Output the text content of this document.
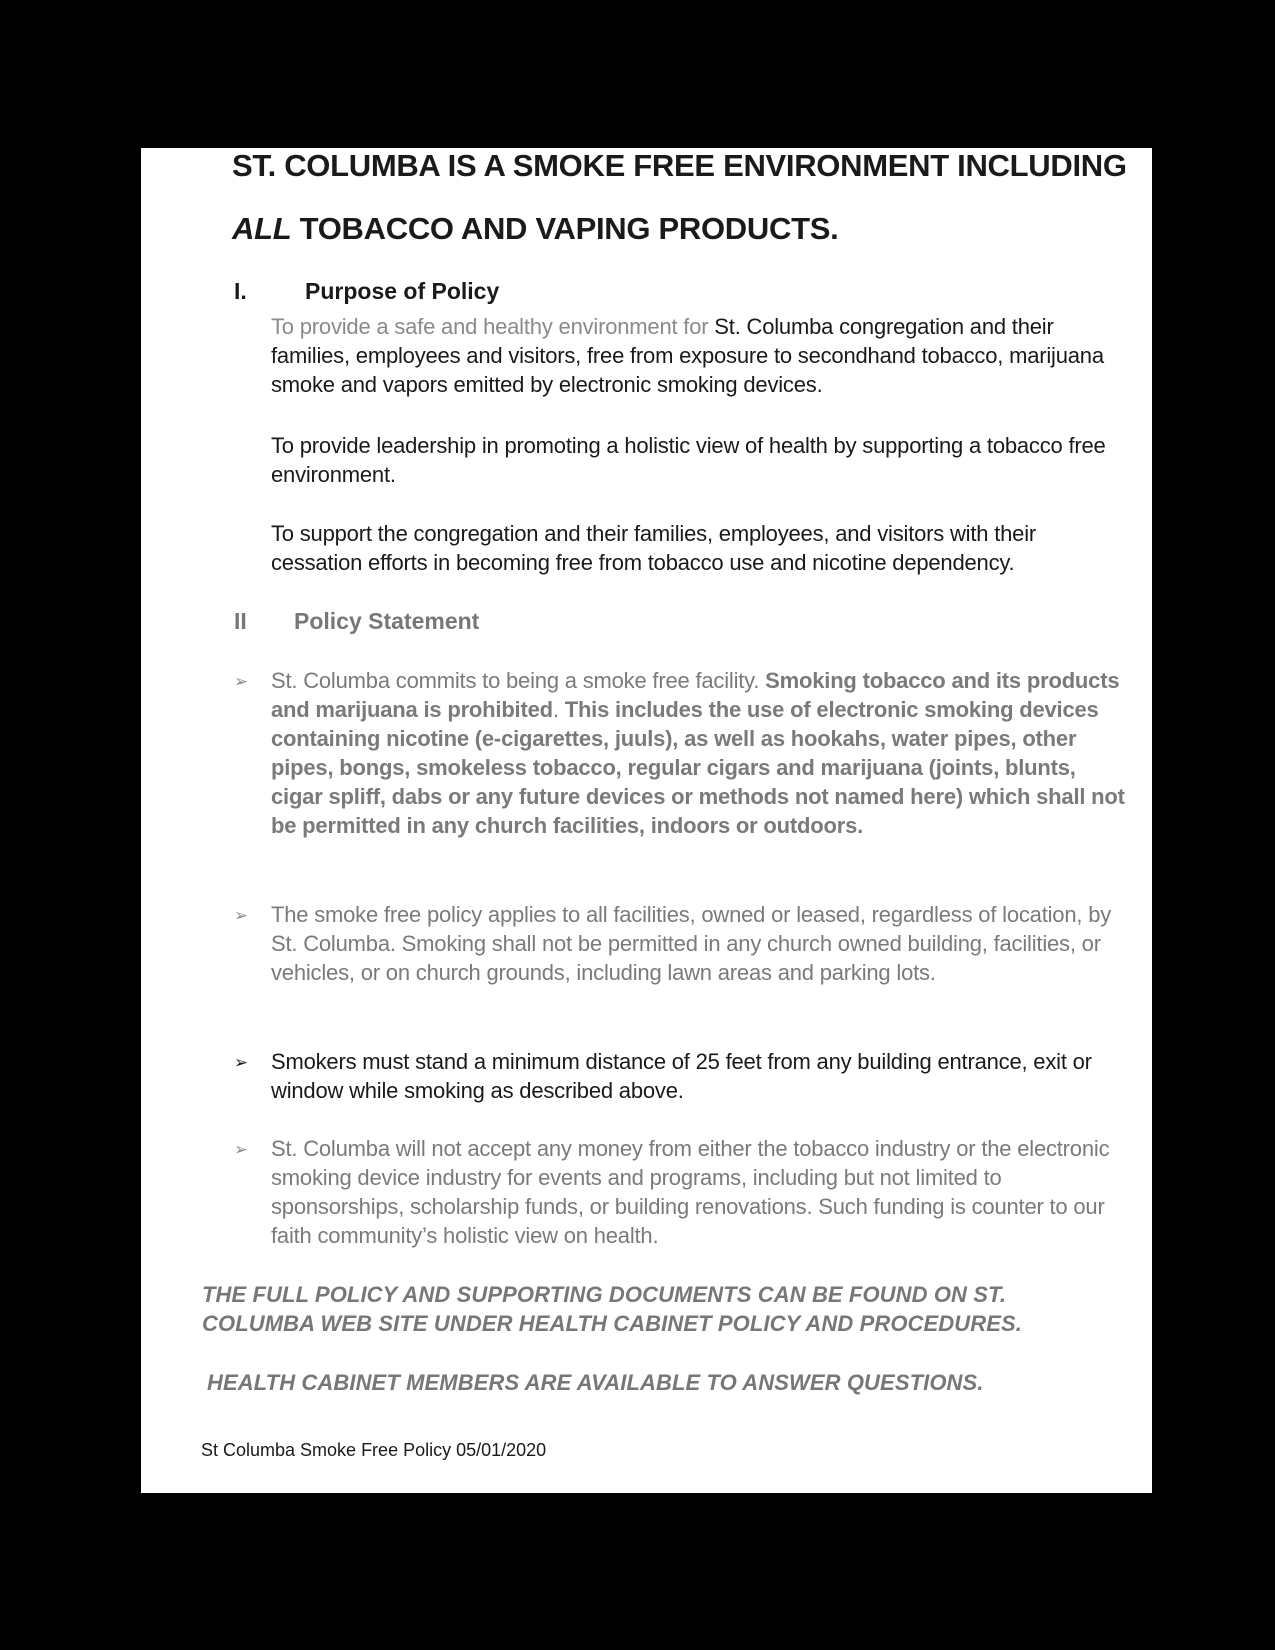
ST. COLUMBA IS A SMOKE FREE ENVIRONMENT INCLUDING
ALL TOBACCO AND VAPING PRODUCTS.
I.	Purpose of Policy
To provide a safe and healthy environment for St. Columba congregation and their families, employees and visitors, free from exposure to secondhand tobacco, marijuana smoke and vapors emitted by electronic smoking devices.
To provide leadership in promoting a holistic view of health by supporting a tobacco free environment.
To support the congregation and their families, employees, and visitors with their cessation efforts in becoming free from tobacco use and nicotine dependency.
II Policy Statement
➢ St. Columba commits to being a smoke free facility. Smoking tobacco and its products and marijuana is prohibited. This includes the use of electronic smoking devices containing nicotine (e-cigarettes, juuls), as well as hookahs, water pipes, other pipes, bongs, smokeless tobacco, regular cigars and marijuana (joints, blunts, cigar spliff, dabs or any future devices or methods not named here) which shall not be permitted in any church facilities, indoors or outdoors.
➢ The smoke free policy applies to all facilities, owned or leased, regardless of location, by St. Columba. Smoking shall not be permitted in any church owned building, facilities, or vehicles, or on church grounds, including lawn areas and parking lots.
➢ Smokers must stand a minimum distance of 25 feet from any building entrance, exit or window while smoking as described above.
➢ St. Columba will not accept any money from either the tobacco industry or the electronic smoking device industry for events and programs, including but not limited to sponsorships, scholarship funds, or building renovations. Such funding is counter to our faith community’s holistic view on health.
THE FULL POLICY AND SUPPORTING DOCUMENTS CAN BE FOUND ON ST. COLUMBA WEB SITE UNDER HEALTH CABINET POLICY AND PROCEDURES.
HEALTH CABINET MEMBERS ARE AVAILABLE TO ANSWER QUESTIONS.
St Columba Smoke Free Policy 05/01/2020
